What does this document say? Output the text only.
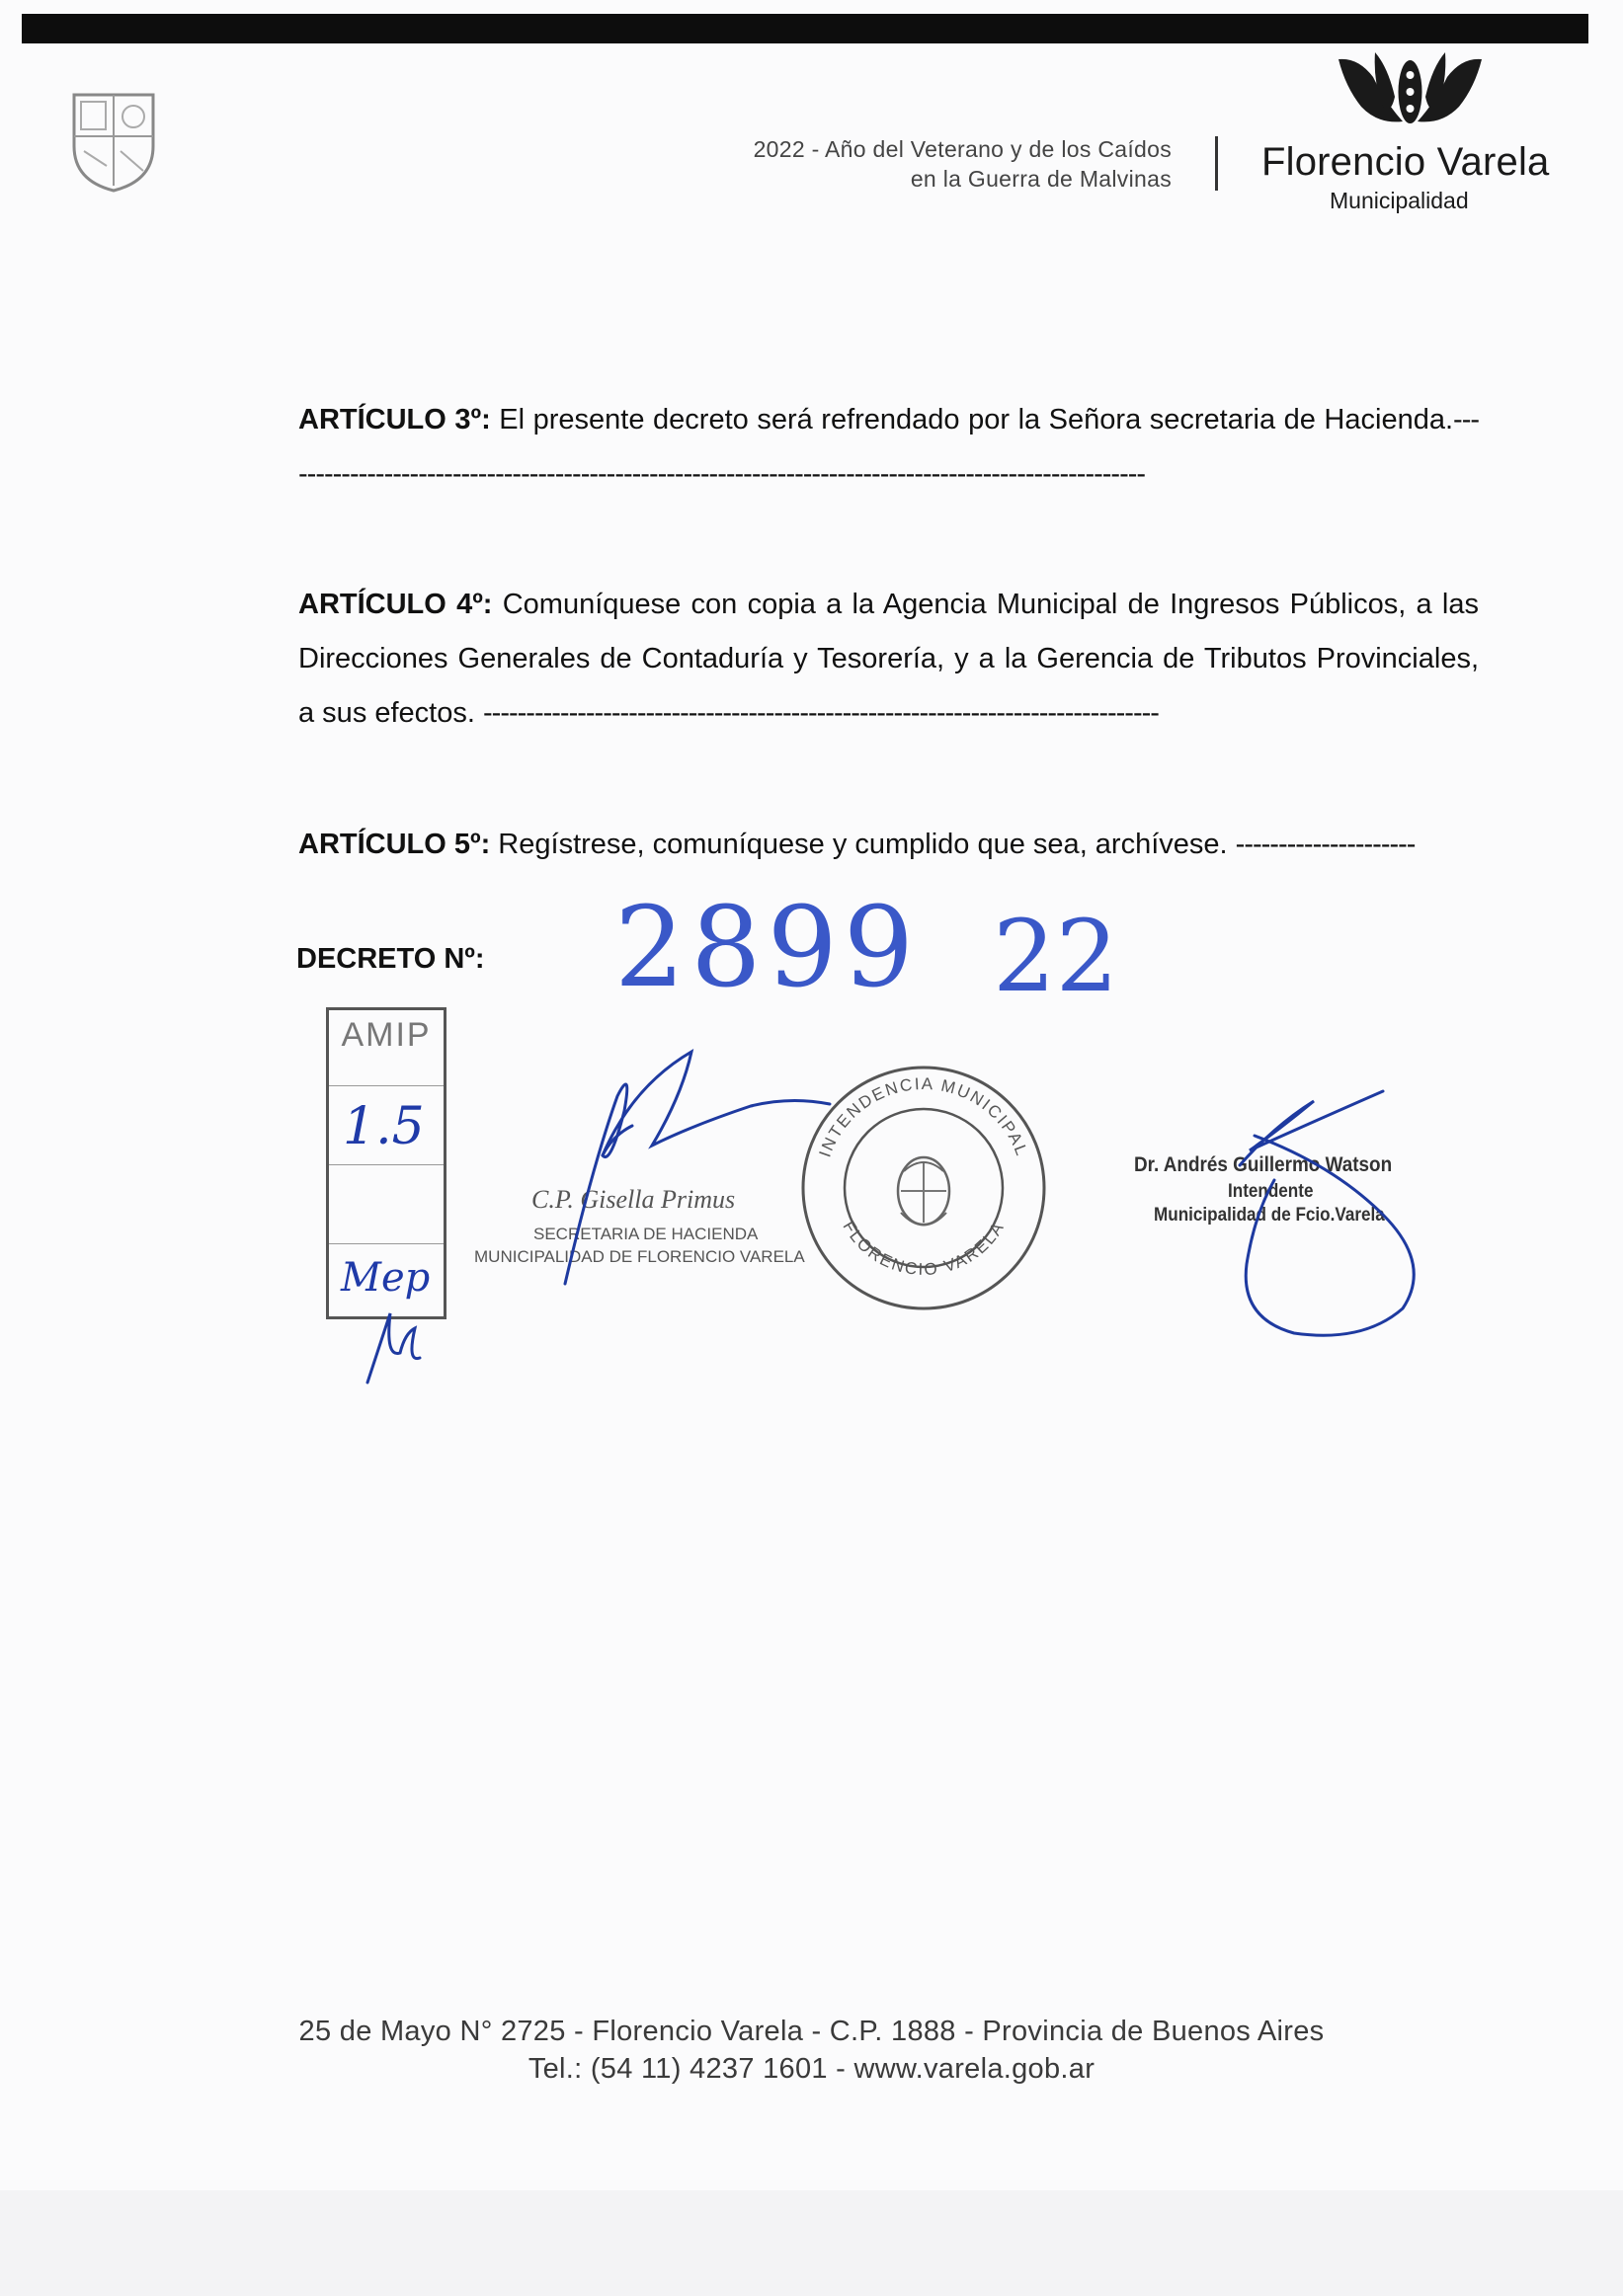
2022 - Año del Veterano y de los Caídos
en la Guerra de Malvinas Florencio Varela
Municipalidad
ARTÍCULO 3º: El presente decreto será refrendado por la Señora secretaria de Hacienda.------------------------------------------------------------------------------------------------------
ARTÍCULO 4º: Comuníquese con copia a la Agencia Municipal de Ingresos Públicos, a las Direcciones Generales de Contaduría y Tesorería, y a la Gerencia de Tributos Provinciales, a sus efectos. -------------------------------------------------------------------------------
ARTÍCULO 5º: Regístrese, comuníquese y cumplido que sea, archívese. ---------------------
DECRETO Nº: 2899 22
AMIP
1.5
Mep
C.P. Gisella Primus
SECRETARIA DE HACIENDA
MUNICIPALIDAD DE FLORENCIO VARELA
INTENDENCIA MUNICIPAL
FLORENCIO VARELA
Dr. Andrés Guillermo Watson
Intendente
Municipalidad de Fcio.Varela
25 de Mayo N° 2725 - Florencio Varela - C.P. 1888 - Provincia de Buenos Aires
Tel.: (54 11) 4237 1601 - www.varela.gob.ar
